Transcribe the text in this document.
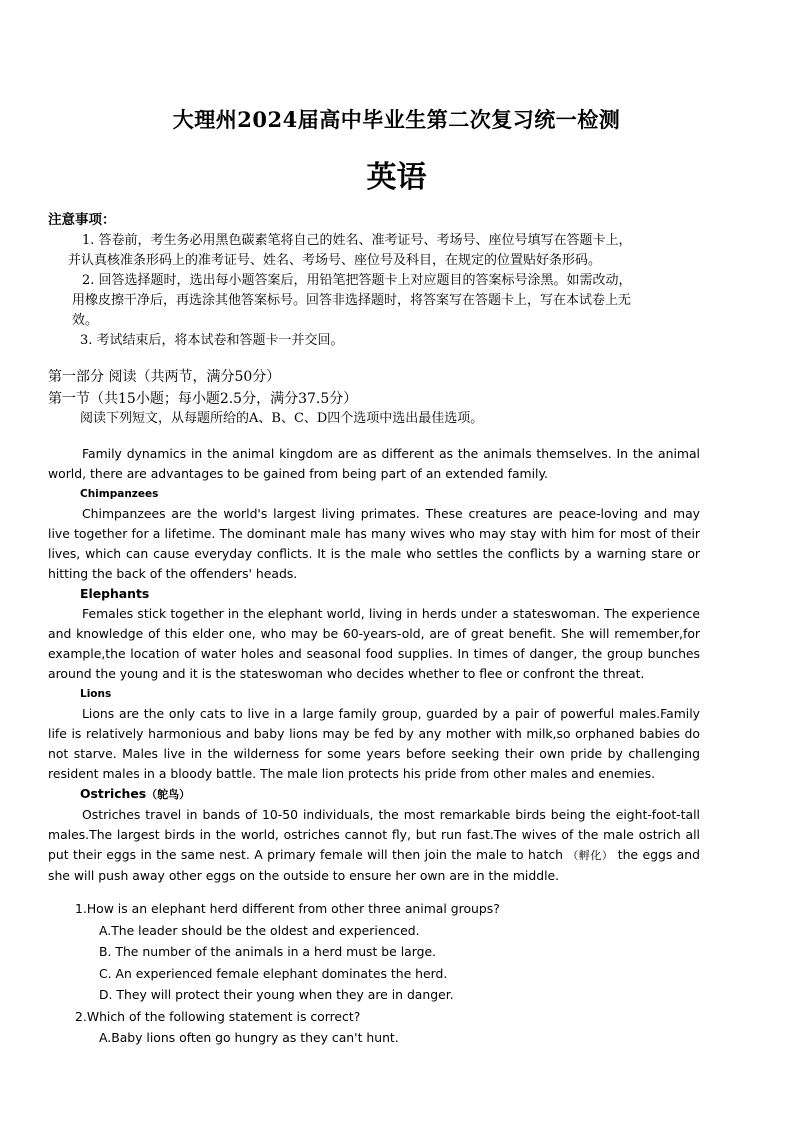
大理州2024届高中毕业生第二次复习统一检测
英语
注意事项：
1. 答卷前，考生务必用黑色碳素笔将自己的姓名、准考证号、考场号、座位号填写在答题卡上，
并认真核准条形码上的准考证号、姓名、考场号、座位号及科目，在规定的位置贴好条形码。
2. 回答选择题时，选出每小题答案后，用铅笔把答题卡上对应题目的答案标号涂黑。如需改动，
用橡皮擦干净后，再选涂其他答案标号。回答非选择题时，将答案写在答题卡上，写在本试卷上无
效。
3. 考试结束后，将本试卷和答题卡一并交回。
第一部分 阅读（共两节，满分50分）
第一节（共15小题；每小题2.5分，满分37.5分）
阅读下列短文，从每题所给的A、B、C、D四个选项中选出最佳选项。

Family dynamics in the animal kingdom are as different as the animals themselves. In the animal world, there are advantages to be gained from being part of an extended family.

Chimpanzees

Chimpanzees are the world's largest living primates. These creatures are peace-loving and may live together for a lifetime. The dominant male has many wives who may stay with him for most of their lives, which can cause everyday conflicts. It is the male who settles the conflicts by a warning stare or hitting the back of the offenders' heads.

Elephants

Females stick together in the elephant world, living in herds under a stateswoman. The experience and knowledge of this elder one, who may be 60-years-old, are of great benefit. She will remember,for example,the location of water holes and seasonal food supplies. In times of danger, the group bunches around the young and it is the stateswoman who decides whether to flee or confront the threat.

Lions

Lions are the only cats to live in a large family group, guarded by a pair of powerful males.Family life is relatively harmonious and baby lions may be fed by any mother with milk,so orphaned babies do not starve. Males live in the wilderness for some years before seeking their own pride by challenging resident males in a bloody battle. The male lion protects his pride from other males and enemies.

Ostriches（鸵鸟）

Ostriches travel in bands of 10-50 individuals, the most remarkable birds being the eight-foot-tall males.The largest birds in the world, ostriches cannot fly, but run fast.The wives of the male ostrich all put their eggs in the same nest. A primary female will then join the male to hatch （孵化） the eggs and she will push away other eggs on the outside to ensure her own are in the middle.

1.How is an elephant herd different from other three animal groups?

A.The leader should be the oldest and experienced.

B. The number of the animals in a herd must be large.

C. An experienced female elephant dominates the herd.

D. They will protect their young when they are in danger.

2.Which of the following statement is correct?

A.Baby lions often go hungry as they can't hunt.
